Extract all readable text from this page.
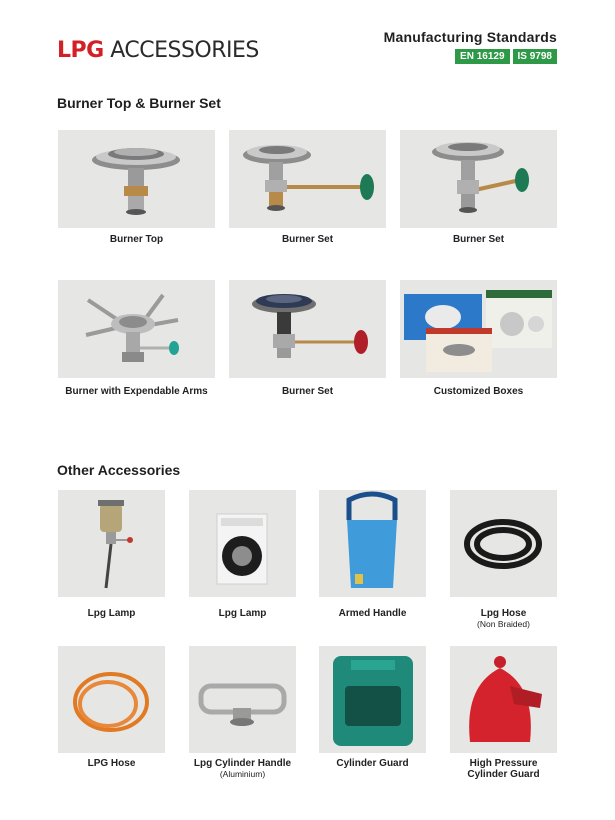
LPG ACCESSORIES
Manufacturing Standards
EN 16129	IS 9798
Burner Top & Burner Set
Burner Top	Burner Set	Burner Set
Burner with Expendable Arms	Burner Set	Customized Boxes
Other Accessories
Lpg Lamp	Lpg Lamp	Armed Handle	Lpg Hose
(Non Braided)
LPG Hose	Lpg Cylinder Handle
(Aluminium)
Cylinder Guard	High Pressure
Cylinder Guard
